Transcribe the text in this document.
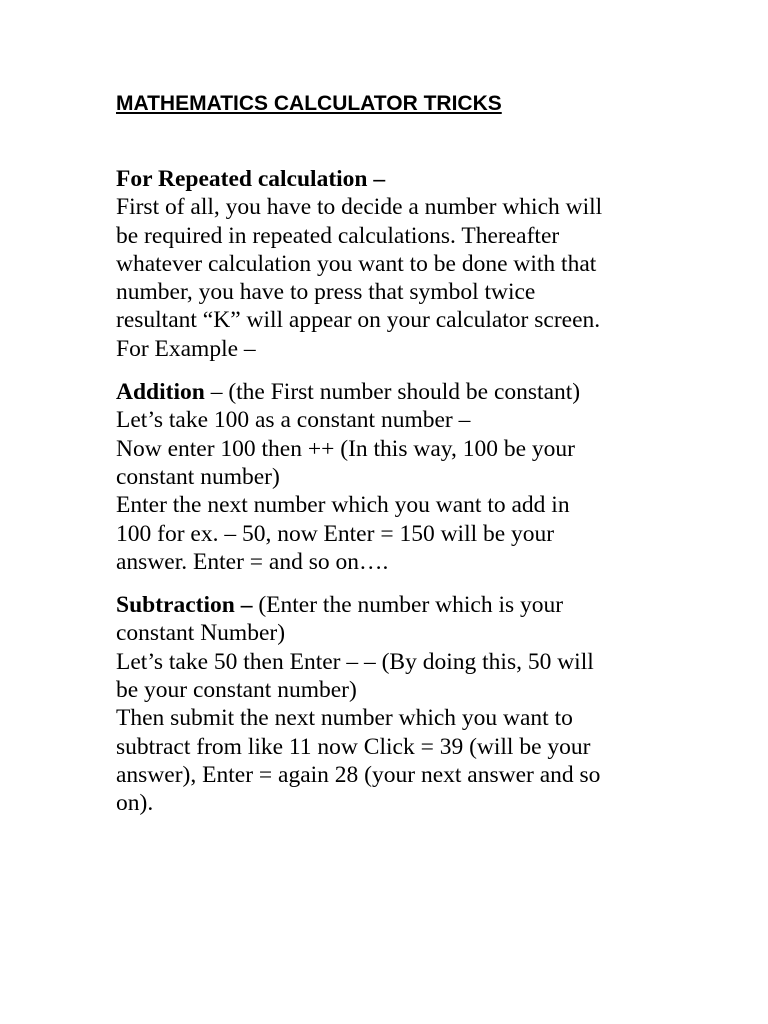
MATHEMATICS CALCULATOR TRICKS
For Repeated calculation –
First of all, you have to decide a number which will
be required in repeated calculations. Thereafter
whatever calculation you want to be done with that
number, you have to press that symbol twice
resultant “K” will appear on your calculator screen.
For Example –
Addition – (the First number should be constant)
Let’s take 100 as a constant number –
Now enter 100 then ++ (In this way, 100 be your
constant number)
Enter the next number which you want to add in
100 for ex. – 50, now Enter = 150 will be your
answer. Enter = and so on….
Subtraction – (Enter the number which is your
constant Number)
Let’s take 50 then Enter – – (By doing this, 50 will
be your constant number)
Then submit the next number which you want to
subtract from like 11 now Click = 39 (will be your
answer), Enter = again 28 (your next answer and so
on).
